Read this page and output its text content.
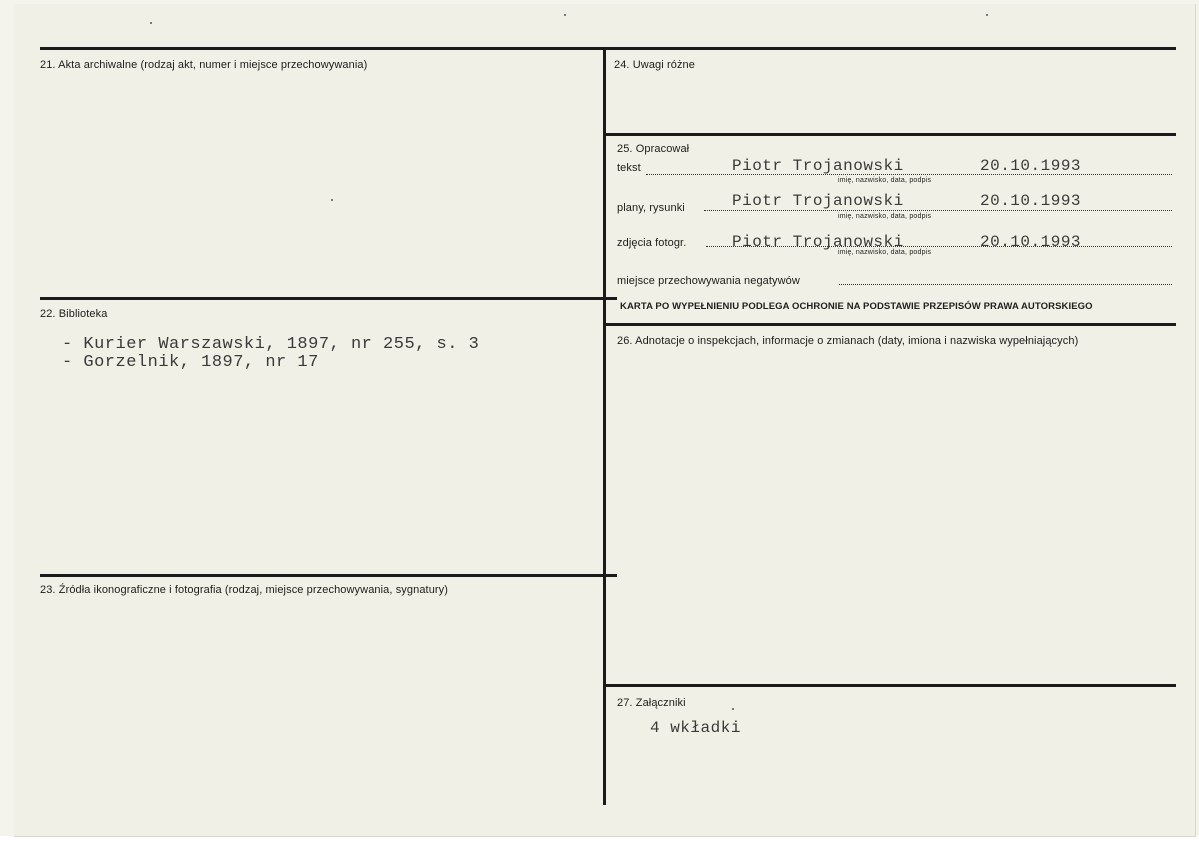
21. Akta archiwalne (rodzaj akt, numer i miejsce przechowywania)
22. Biblioteka
- Kurier Warszawski, 1897, nr 255, s. 3
- Gorzelnik, 1897, nr 17
23. Źródła ikonograficzne i fotografia (rodzaj, miejsce przechowywania, sygnatury)
24. Uwagi różne
25. Opracował
tekst	Piotr Trojanowski	20.10.1993
imię, nazwisko, data, podpis
plany, rysunki	Piotr Trojanowski	20.10.1993
imię, nazwisko, data, podpis
zdjęcia fotogr.	Piotr Trojanowski	20.10.1993
imię, nazwisko, data, podpis
miejsce przechowywania negatywów
KARTA PO WYPEŁNIENIU PODLEGA OCHRONIE NA PODSTAWIE PRZEPISÓW PRAWA AUTORSKIEGO
26. Adnotacje o inspekcjach, informacje o zmianach (daty, imiona i nazwiska wypełniających)
27. Załączniki
4 wkładki
